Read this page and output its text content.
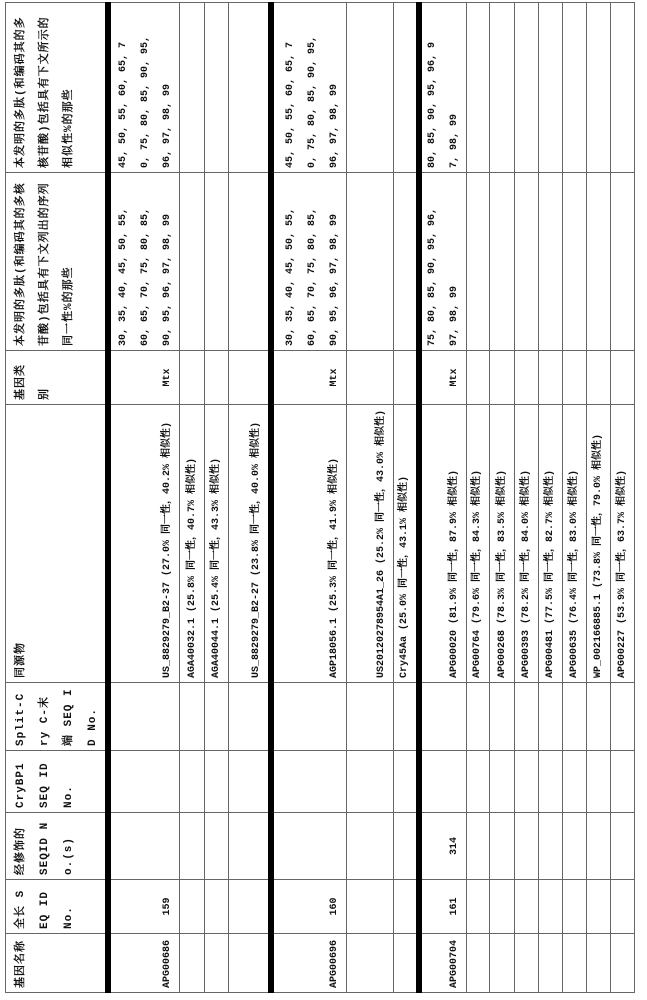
基因名称	全长 SEQ ID No.	经修饰的 SEQID No.(s)	CryBP1 SEQ ID No.	Split-Cry C-末端 SEQ ID No.	同源物	基因类别	本发明的多肽(和编码其的多核苷酸)包括具有下文列出的序列同一性%的那些	本发明的多肽(和编码其的多核苷酸)包括具有下文所示的相似性%的那些
APG00686	159				US_8829279_B2-37 (27.0% 同一性，40.2% 相似性)	Mtx	30, 35, 40, 45, 50, 55, 60, 65, 70, 75, 80, 85, 90, 95, 96, 97, 98, 99	45, 50, 55, 60, 65, 70, 75, 80, 85, 90, 95, 96, 97, 98, 99
					AGA40032.1 (25.8% 同一性，40.7% 相似性)								AGA40044.1 (25.4% 同一性，43.3% 相似性)								US_8829279_B2-27 (23.8% 同一性，40.0% 相似性)			
APG00696	160				AGP18056.1 (25.3% 同一性，41.9% 相似性)	Mtx	30, 35, 40, 45, 50, 55, 60, 65, 70, 75, 80, 85, 90, 95, 96, 97, 98, 99	45, 50, 55, 60, 65, 70, 75, 80, 85, 90, 95, 96, 97, 98, 99
					US20120278954A1_26 (25.2% 同一性，43.0% 相似性)								Cry45Aa (25.0% 同一性，43.1% 相似性)			
APG00704	161	314			APG00020 (81.9% 同一性，87.9% 相似性)	Mtx	75, 80, 85, 90, 95, 96, 97, 98, 99	80, 85, 90, 95, 96, 97, 98, 99
					APG00764 (79.6% 同一性，84.3% 相似性)								APG00268 (78.3% 同一性，83.5% 相似性)								APG00393 (78.2% 同一性，84.0% 相似性)								APG00481 (77.5% 同一性，82.7% 相似性)								APG00635 (76.4% 同一性，83.0% 相似性)								WP_002166885.1 (73.8% 同一性，79.0% 相似性)								APG00227 (53.9% 同一性，63.7% 相似性)			
